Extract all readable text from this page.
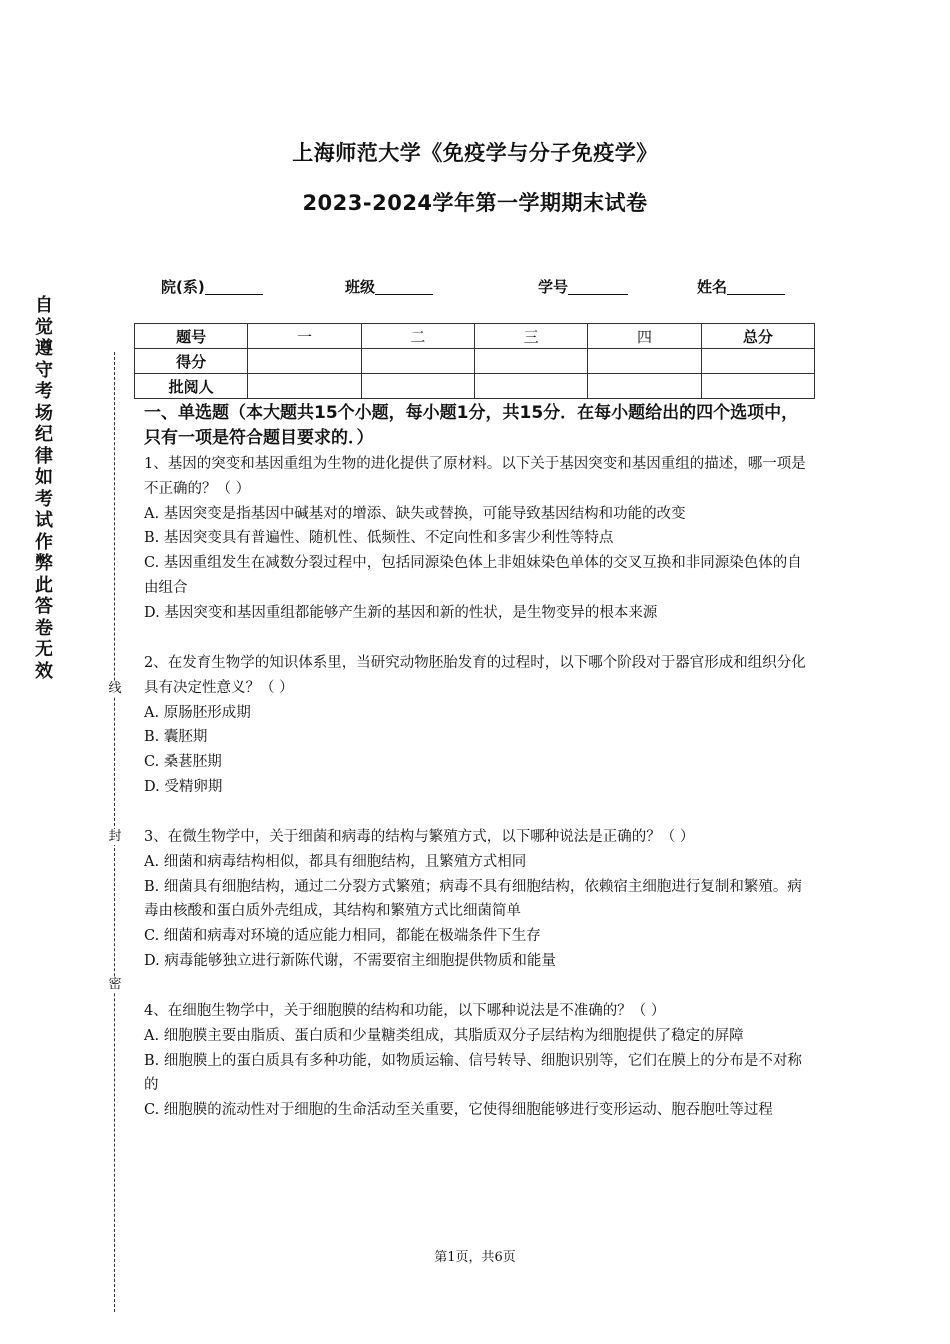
上海师范大学《免疫学与分子免疫学》
2023-2024学年第一学期期末试卷
院(系)	班级	学号	姓名
题号	一	二	三	四	总分
得分					
批阅人					
自觉遵守考场纪律如考试作弊此答卷无效
线
封
密
一、单选题（本大题共15个小题，每小题1分，共15分．在每小题给出的四个选项中，只有一项是符合题目要求的．）

1、基因的突变和基因重组为生物的进化提供了原材料。以下关于基因突变和基因重组的描述，哪一项是不正确的？（ ）

A. 基因突变是指基因中碱基对的增添、缺失或替换，可能导致基因结构和功能的改变

B. 基因突变具有普遍性、随机性、低频性、不定向性和多害少利性等特点

C. 基因重组发生在减数分裂过程中，包括同源染色体上非姐妹染色单体的交叉互换和非同源染色体的自由组合

D. 基因突变和基因重组都能够产生新的基因和新的性状，是生物变异的根本来源

2、在发育生物学的知识体系里，当研究动物胚胎发育的过程时，以下哪个阶段对于器官形成和组织分化具有决定性意义？（ ）

A. 原肠胚形成期

B. 囊胚期

C. 桑葚胚期

D. 受精卵期

3、在微生物学中，关于细菌和病毒的结构与繁殖方式，以下哪种说法是正确的？（ ）

A. 细菌和病毒结构相似，都具有细胞结构，且繁殖方式相同

B. 细菌具有细胞结构，通过二分裂方式繁殖；病毒不具有细胞结构，依赖宿主细胞进行复制和繁殖。病毒由核酸和蛋白质外壳组成，其结构和繁殖方式比细菌简单

C. 细菌和病毒对环境的适应能力相同，都能在极端条件下生存

D. 病毒能够独立进行新陈代谢，不需要宿主细胞提供物质和能量

4、在细胞生物学中，关于细胞膜的结构和功能，以下哪种说法是不准确的？（ ）

A. 细胞膜主要由脂质、蛋白质和少量糖类组成，其脂质双分子层结构为细胞提供了稳定的屏障

B. 细胞膜上的蛋白质具有多种功能，如物质运输、信号转导、细胞识别等，它们在膜上的分布是不对称的

C. 细胞膜的流动性对于细胞的生命活动至关重要，它使得细胞能够进行变形运动、胞吞胞吐等过程

第1页，共6页
